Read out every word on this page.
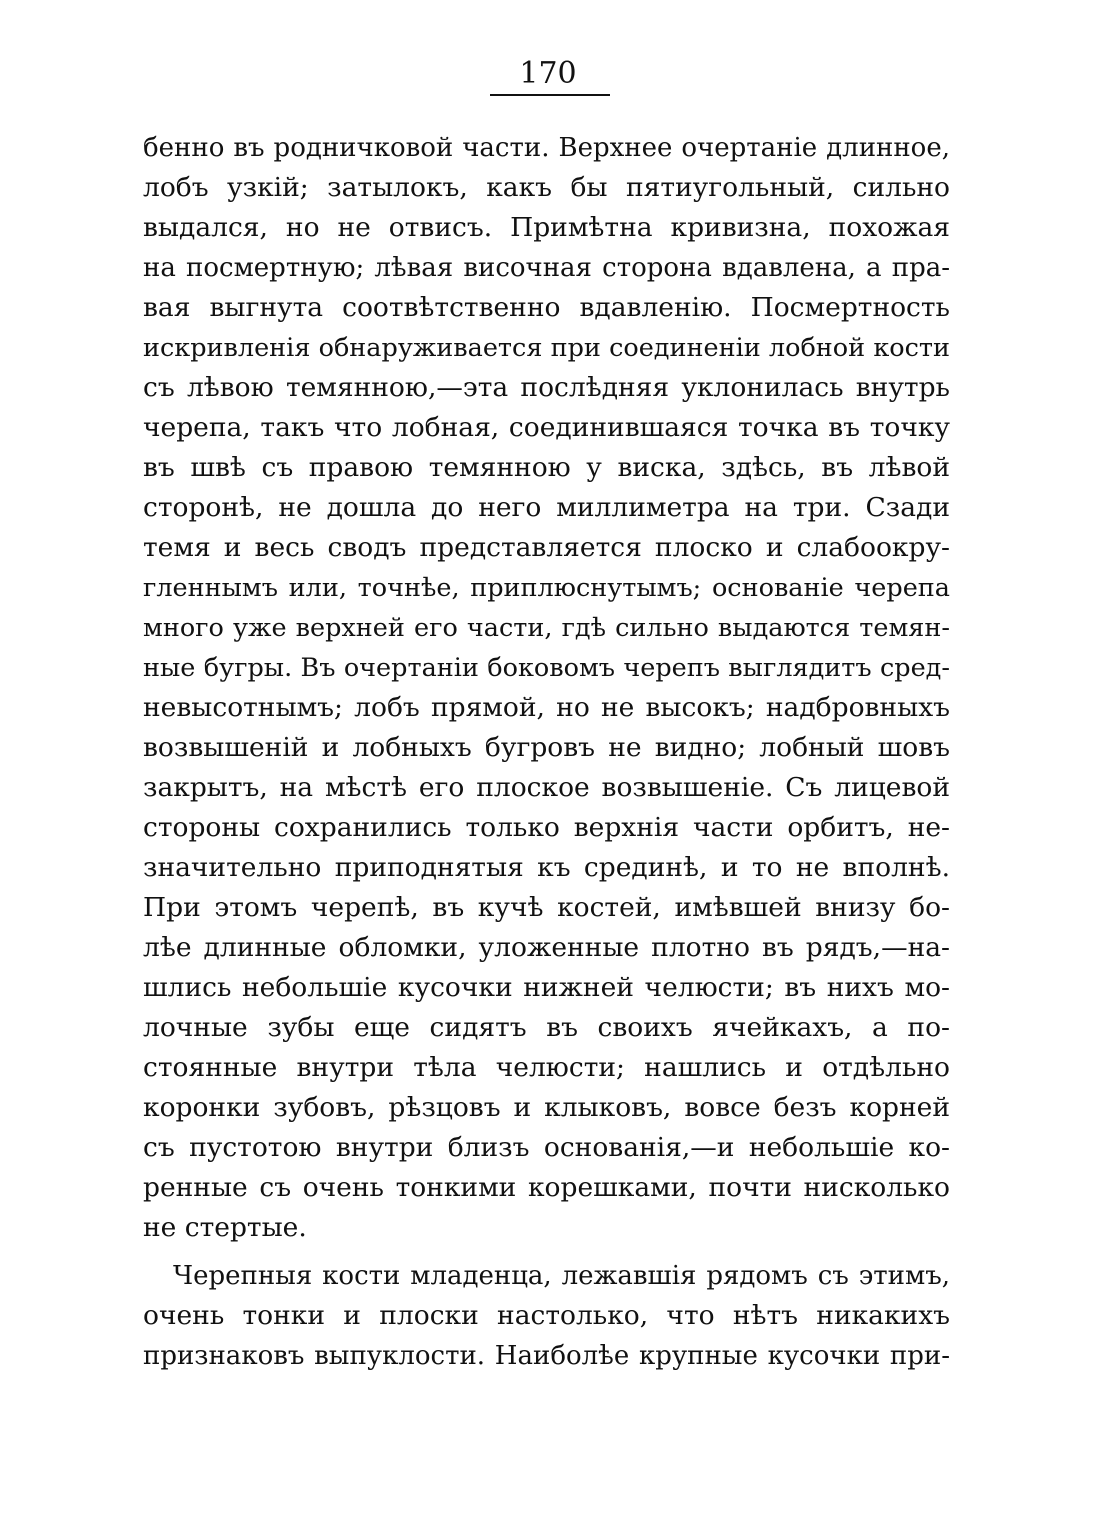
170
бенно въ родничковой части. Верхнее очертанiе длинное,
лобъ узкiй; затылокъ, какъ бы пятиугольный, сильно
выдался, но не отвисъ. Примѣтна кривизна, похожая
на посмертную; лѣвая височная сторона вдавлена, а пра-
вая выгнута соотвѣтственно вдавленiю. Посмертность
искривленiя обнаруживается при соединенiи лобной кости
съ лѣвою темянною,—эта послѣдняя уклонилась внутрь
черепа, такъ что лобная, соединившаяся точка въ точку
въ швѣ съ правою темянною у виска, здѣсь, въ лѣвой
сторонѣ, не дошла до него миллиметра на три. Сзади
темя и весь сводъ представляется плоско и слабоокру-
гленнымъ или, точнѣе, приплюснутымъ; основанiе черепа
много уже верхней его части, гдѣ сильно выдаются темян-
ные бугры. Въ очертанiи боковомъ черепъ выглядитъ сред-
невысотнымъ; лобъ прямой, но не высокъ; надбровныхъ
возвышенiй и лобныхъ бугровъ не видно; лобный шовъ
закрытъ, на мѣстѣ его плоское возвышенiе. Съ лицевой
стороны сохранились только верхнiя части орбитъ, не-
значительно приподнятыя къ срединѣ, и то не вполнѣ.
При этомъ черепѣ, въ кучѣ костей, имѣвшей внизу бо-
лѣе длинные обломки, уложенные плотно въ рядъ,—на-
шлись небольшiе кусочки нижней челюсти; въ нихъ мо-
лочные зубы еще сидятъ въ своихъ ячейкахъ, а по-
стоянные внутри тѣла челюсти; нашлись и отдѣльно
коронки зубовъ, рѣзцовъ и клыковъ, вовсе безъ корней
съ пустотою внутри близъ основанiя,—и небольшiе ко-
ренные съ очень тонкими корешками, почти нисколько
не стертые.
Черепныя кости младенца, лежавшiя рядомъ съ этимъ,
очень тонки и плоски настолько, что нѣтъ никакихъ
признаковъ выпуклости. Наиболѣе крупные кусочки при-
